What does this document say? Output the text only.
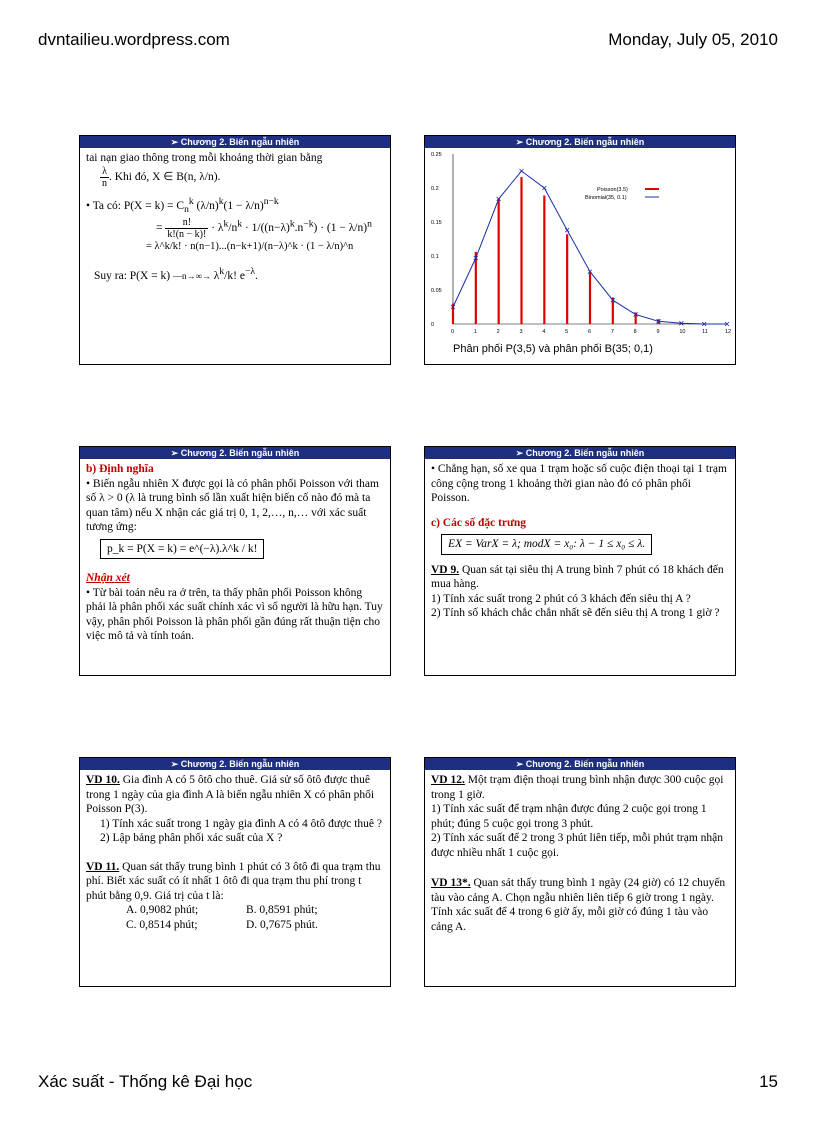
dvntailieu.wordpress.com	Monday, July 05, 2010
➢ Chương 2. Biến ngẫu nhiên

tai nạn giao thông trong mỗi khoảng thời gian bằng

$\frac{\lambda}{n}$ . Khi đó, X ∈ B(n, λ/n).

• Ta có: $P(X = k) = C_n^k$ $(\lambda/n)^k(1 - \lambda/n)^{n-k}$

= $\frac{n!}{k!(n - k)!} \cdot \lambda^k/n^k \cdot 1/((n-\lambda)^k.n^{-k}) \cdot (1 - \lambda/n)^n$

= λ^k/k! · n(n−1)...(n−k+1)/(n−λ)^k · (1 − λ/n)^n

Suy ra: P(X = k) —n→∞→ $\lambda^k/k$! $e^{-\lambda}$.

➢ Chương 2. Biến ngẫu nhiên
0
0.05
0.1
0.15
0.2
0.25
0	1	2	3	4	5	6	7	8	9	10	11	12
Poisson(3.5)
Binomial(35, 0.1)
Phân phối P(3,5) và phân phối B(35; 0,1)
➢ Chương 2. Biến ngẫu nhiên

b) Định nghĩa

• Biến ngẫu nhiên X được gọi là có phân phối Poisson với tham số λ > 0 (λ là trung bình số lần xuất hiện biến cố nào đó mà ta quan tâm) nếu X nhận các giá trị 0, 1, 2,…, n,… với xác suất tương ứng:

p_k = P(X = k) = e^(−λ).λ^k / k!

Nhận xét

• Từ bài toán nêu ra ở trên, ta thấy phân phối Poisson không phải là phân phối xác suất chính xác vì số người là hữu hạn. Tuy vậy, phân phối Poisson là phân phối gần đúng rất thuận tiện cho việc mô tả và tính toán.

➢ Chương 2. Biến ngẫu nhiên

• Chẳng hạn, số xe qua 1 trạm hoặc số cuộc điện thoại tại 1 trạm công cộng trong 1 khoảng thời gian nào đó có phân phối Poisson.

c) Các số đặc trưng

EX = VarX = λ; modX = x₀: λ − 1 ≤ x₀ ≤ λ.

VD 9. Quan sát tại siêu thị A trung bình 7 phút có 18 khách đến mua hàng.

1) Tính xác suất trong 2 phút có 3 khách đến siêu thị A ?

2) Tính số khách chắc chắn nhất sẽ đến siêu thị A trong 1 giờ ?

➢ Chương 2. Biến ngẫu nhiên

VD 10. Gia đình A có 5 ôtô cho thuê. Giả sử số ôtô được thuê trong 1 ngày của gia đình A là biến ngẫu nhiên X có phân phối Poisson P(3).

1) Tính xác suất trong 1 ngày gia đình A có 4 ôtô được thuê ?

2) Lập bảng phân phối xác suất của X ?

VD 11. Quan sát thấy trung bình 1 phút có 3 ôtô đi qua trạm thu phí. Biết xác suất có ít nhất 1 ôtô đi qua trạm thu phí trong t phút bằng 0,9. Giá trị của t là:

A. 0,9082 phút;	B. 0,8591 phút;
C. 0,8514 phút;	D. 0,7675 phút.
➢ Chương 2. Biến ngẫu nhiên

VD 12. Một trạm điện thoại trung bình nhận được 300 cuộc gọi trong 1 giờ.

1) Tính xác suất để trạm nhận được đúng 2 cuộc gọi trong 1 phút; đúng 5 cuộc gọi trong 3 phút.

2) Tính xác suất để 2 trong 3 phút liên tiếp, mỗi phút trạm nhận được nhiều nhất 1 cuộc gọi.

VD 13*. Quan sát thấy trung bình 1 ngày (24 giờ) có 12 chuyến tàu vào cảng A. Chọn ngẫu nhiên liên tiếp 6 giờ trong 1 ngày. Tính xác suất để 4 trong 6 giờ ấy, mỗi giờ có đúng 1 tàu vào cảng A.

Xác suất - Thống kê Đại học	15
